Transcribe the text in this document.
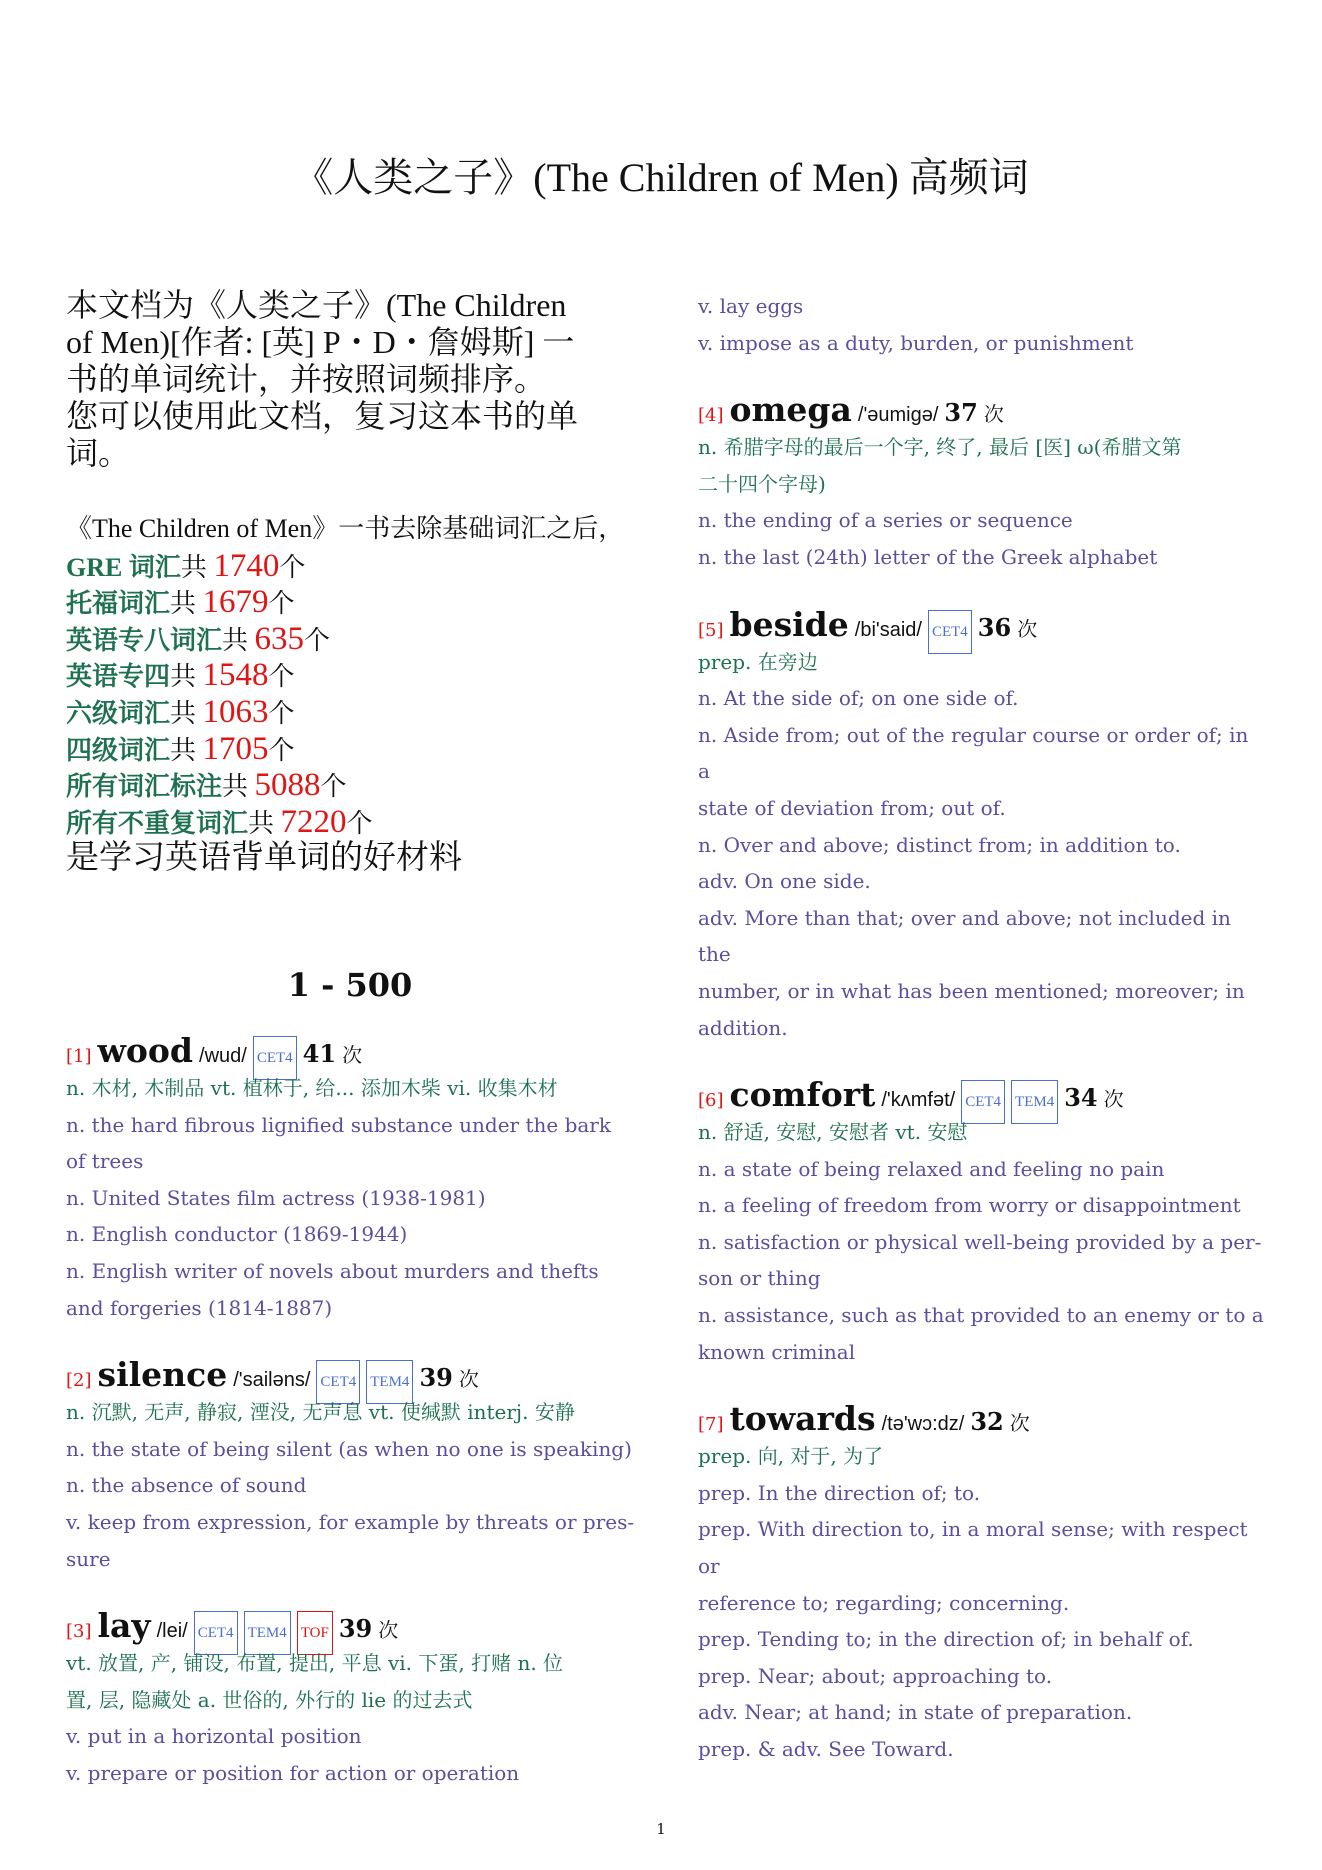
《人类之子》(The Children of Men) 高频词
本文档为《人类之子》(The Children
of Men)[作者: [英] P・D・詹姆斯] 一
书的单词统计，并按照词频排序。
您可以使用此文档，复习这本书的单
词。
《The Children of Men》一书去除基础词汇之后，
GRE 词汇共 1740个
托福词汇共 1679个
英语专八词汇共 635个
英语专四共 1548个
六级词汇共 1063个
四级词汇共 1705个
所有词汇标注共 5088个
所有不重复词汇共 7220个
是学习英语背单词的好材料
1 - 500
[1] wood /wud/ CET4 41 次
n. 木材, 木制品 vt. 植林于, 给... 添加木柴 vi. 收集木材
n. the hard fibrous lignified substance under the bark
of trees
n. United States film actress (1938-1981)
n. English conductor (1869-1944)
n. English writer of novels about murders and thefts
and forgeries (1814-1887)
[2] silence /'sailəns/ CET4 TEM4 39 次
n. 沉默, 无声, 静寂, 湮没, 无声息 vt. 使缄默 interj. 安静
n. the state of being silent (as when no one is speaking)
n. the absence of sound
v. keep from expression, for example by threats or pres-
sure
[3] lay /lei/ CET4 TEM4 TOF 39 次
vt. 放置, 产, 铺设, 布置, 提出, 平息 vi. 下蛋, 打赌 n. 位
置, 层, 隐藏处 a. 世俗的, 外行的 lie 的过去式
v. put in a horizontal position
v. prepare or position for action or operation
v. lay eggs
v. impose as a duty, burden, or punishment
[4] omega /'əumigə/ 37 次
n. 希腊字母的最后一个字, 终了, 最后 [医] ω(希腊文第
二十四个字母)
n. the ending of a series or sequence
n. the last (24th) letter of the Greek alphabet
[5] beside /bi'said/ CET4 36 次
prep. 在旁边
n. At the side of; on one side of.
n. Aside from; out of the regular course or order of; in
a
state of deviation from; out of.
n. Over and above; distinct from; in addition to.
adv. On one side.
adv. More than that; over and above; not included in
the
number, or in what has been mentioned; moreover; in
addition.
[6] comfort /'kʌmfət/ CET4 TEM4 34 次
n. 舒适, 安慰, 安慰者 vt. 安慰
n. a state of being relaxed and feeling no pain
n. a feeling of freedom from worry or disappointment
n. satisfaction or physical well-being provided by a per-
son or thing
n. assistance, such as that provided to an enemy or to a
known criminal
[7] towards /tə'wɔ:dz/ 32 次
prep. 向, 对于, 为了
prep. In the direction of; to.
prep. With direction to, in a moral sense; with respect
or
reference to; regarding; concerning.
prep. Tending to; in the direction of; in behalf of.
prep. Near; about; approaching to.
adv. Near; at hand; in state of preparation.
prep. & adv. See Toward.
1
